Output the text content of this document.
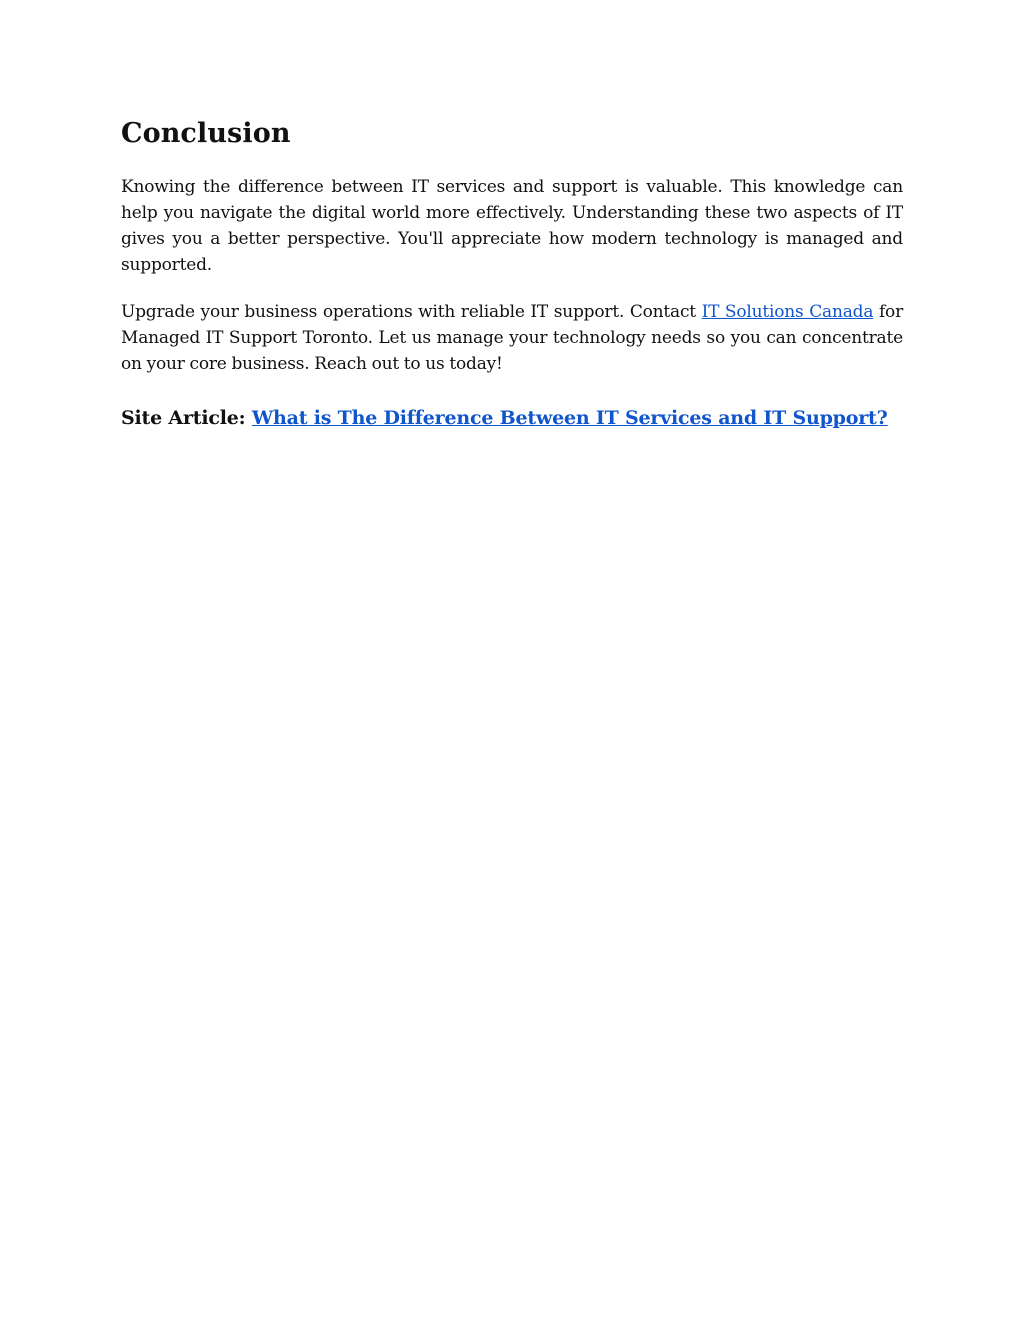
Conclusion

Knowing the difference between IT services and support is valuable. This knowledge can help you navigate the digital world more effectively. Understanding these two aspects of IT gives you a better perspective. You'll appreciate how modern technology is managed and supported.

Upgrade your business operations with reliable IT support. Contact IT Solutions Canada for Managed IT Support Toronto. Let us manage your technology needs so you can concentrate on your core business. Reach out to us today!

Site Article: What is The Difference Between IT Services and IT Support?
